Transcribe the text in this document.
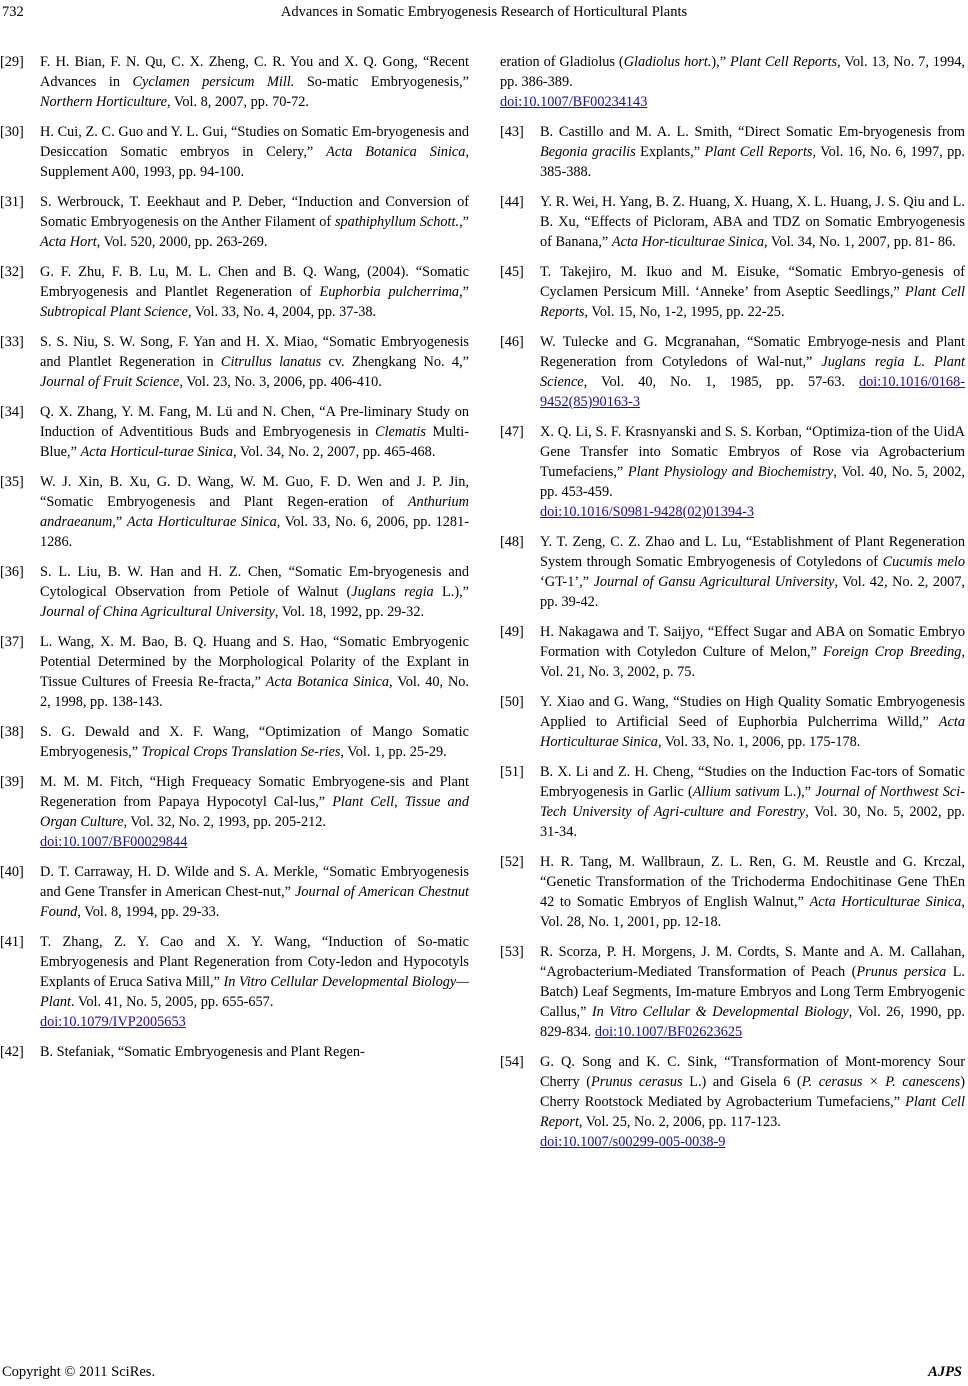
732	Advances in Somatic Embryogenesis Research of Horticultural Plants
[29]	F. H. Bian, F. N. Qu, C. X. Zheng, C. R. You and X. Q. Gong, “Recent Advances in Cyclamen persicum Mill. So-matic Embryogenesis,” Northern Horticulture, Vol. 8, 2007, pp. 70-72.
[30]	H. Cui, Z. C. Guo and Y. L. Gui, “Studies on Somatic Em-bryogenesis and Desiccation Somatic embryos in Celery,” Acta Botanica Sinica, Supplement A00, 1993, pp. 94-100.
[31]	S. Werbrouck, T. Eeekhaut and P. Deber, “Induction and Conversion of Somatic Embryogenesis on the Anther Filament of spathiphyllum Schott.,” Acta Hort, Vol. 520, 2000, pp. 263-269.
[32]	G. F. Zhu, F. B. Lu, M. L. Chen and B. Q. Wang, (2004). “Somatic Embryogenesis and Plantlet Regeneration of Euphorbia pulcherrima,” Subtropical Plant Science, Vol. 33, No. 4, 2004, pp. 37-38.
[33]	S. S. Niu, S. W. Song, F. Yan and H. X. Miao, “Somatic Embryogenesis and Plantlet Regeneration in Citrullus lanatus cv. Zhengkang No. 4,” Journal of Fruit Science, Vol. 23, No. 3, 2006, pp. 406-410.
[34]	Q. X. Zhang, Y. M. Fang, M. Lü and N. Chen, “A Pre-liminary Study on Induction of Adventitious Buds and Embryogenesis in Clematis Multi-Blue,” Acta Horticul-turae Sinica, Vol. 34, No. 2, 2007, pp. 465-468.
[35]	W. J. Xin, B. Xu, G. D. Wang, W. M. Guo, F. D. Wen and J. P. Jin, “Somatic Embryogenesis and Plant Regen-eration of Anthurium andraeanum,” Acta Horticulturae Sinica, Vol. 33, No. 6, 2006, pp. 1281-1286.
[36]	S. L. Liu, B. W. Han and H. Z. Chen, “Somatic Em-bryogenesis and Cytological Observation from Petiole of Walnut (Juglans regia L.),” Journal of China Agricultural University, Vol. 18, 1992, pp. 29-32.
[37]	L. Wang, X. M. Bao, B. Q. Huang and S. Hao, “Somatic Embryogenic Potential Determined by the Morphological Polarity of the Explant in Tissue Cultures of Freesia Re-fracta,” Acta Botanica Sinica, Vol. 40, No. 2, 1998, pp. 138-143.
[38]	S. G. Dewald and X. F. Wang, “Optimization of Mango Somatic Embryogenesis,” Tropical Crops Translation Se-ries, Vol. 1, pp. 25-29.
[39]	M. M. M. Fitch, “High Frequeacy Somatic Embryogene-sis and Plant Regeneration from Papaya Hypocotyl Cal-lus,” Plant Cell, Tissue and Organ Culture, Vol. 32, No. 2, 1993, pp. 205-212.
doi:10.1007/BF00029844
[40]	D. T. Carraway, H. D. Wilde and S. A. Merkle, “Somatic Embryogenesis and Gene Transfer in American Chest-nut,” Journal of American Chestnut Found, Vol. 8, 1994, pp. 29-33.
[41]	T. Zhang, Z. Y. Cao and X. Y. Wang, “Induction of So-matic Embryogenesis and Plant Regeneration from Coty-ledon and Hypocotyls Explants of Eruca Sativa Mill,” In Vitro Cellular Developmental Biology—Plant. Vol. 41, No. 5, 2005, pp. 655-657.
doi:10.1079/IVP2005653
[42]	B. Stefaniak, “Somatic Embryogenesis and Plant Regen-
eration of Gladiolus (Gladiolus hort.),” Plant Cell Reports, Vol. 13, No. 7, 1994, pp. 386-389.
doi:10.1007/BF00234143
[43]	B. Castillo and M. A. L. Smith, “Direct Somatic Em-bryogenesis from Begonia gracilis Explants,” Plant Cell Reports, Vol. 16, No. 6, 1997, pp. 385-388.
[44]	Y. R. Wei, H. Yang, B. Z. Huang, X. Huang, X. L. Huang, J. S. Qiu and L. B. Xu, “Effects of Picloram, ABA and TDZ on Somatic Embryogenesis of Banana,” Acta Hor-ticulturae Sinica, Vol. 34, No. 1, 2007, pp. 81- 86.
[45]	T. Takejiro, M. Ikuo and M. Eisuke, “Somatic Embryo-genesis of Cyclamen Persicum Mill. ‘Anneke’ from Aseptic Seedlings,” Plant Cell Reports, Vol. 15, No, 1-2, 1995, pp. 22-25.
[46]	W. Tulecke and G. Mcgranahan, “Somatic Embryoge-nesis and Plant Regeneration from Cotyledons of Wal-nut,” Juglans regia L. Plant Science, Vol. 40, No. 1, 1985, pp. 57-63. doi:10.1016/0168-9452(85)90163-3
[47]	X. Q. Li, S. F. Krasnyanski and S. S. Korban, “Optimiza-tion of the UidA Gene Transfer into Somatic Embryos of Rose via Agrobacterium Tumefaciens,” Plant Physiology and Biochemistry, Vol. 40, No. 5, 2002, pp. 453-459.
doi:10.1016/S0981-9428(02)01394-3
[48]	Y. T. Zeng, C. Z. Zhao and L. Lu, “Establishment of Plant Regeneration System through Somatic Embryogenesis of Cotyledons of Cucumis melo ‘GT-1’,” Journal of Gansu Agricultural University, Vol. 42, No. 2, 2007, pp. 39-42.
[49]	H. Nakagawa and T. Saijyo, “Effect Sugar and ABA on Somatic Embryo Formation with Cotyledon Culture of Melon,” Foreign Crop Breeding, Vol. 21, No. 3, 2002, p. 75.
[50]	Y. Xiao and G. Wang, “Studies on High Quality Somatic Embryogenesis Applied to Artificial Seed of Euphorbia Pulcherrima Willd,” Acta Horticulturae Sinica, Vol. 33, No. 1, 2006, pp. 175-178.
[51]	B. X. Li and Z. H. Cheng, “Studies on the Induction Fac-tors of Somatic Embryogenesis in Garlic (Allium sativum L.),” Journal of Northwest Sci-Tech University of Agri-culture and Forestry, Vol. 30, No. 5, 2002, pp. 31-34.
[52]	H. R. Tang, M. Wallbraun, Z. L. Ren, G. M. Reustle and G. Krczal, “Genetic Transformation of the Trichoderma Endochitinase Gene ThEn 42 to Somatic Embryos of English Walnut,” Acta Horticulturae Sinica, Vol. 28, No. 1, 2001, pp. 12-18.
[53]	R. Scorza, P. H. Morgens, J. M. Cordts, S. Mante and A. M. Callahan, “Agrobacterium-Mediated Transformation of Peach (Prunus persica L. Batch) Leaf Segments, Im-mature Embryos and Long Term Embryogenic Callus,” In Vitro Cellular & Developmental Biology, Vol. 26, 1990, pp. 829-834. doi:10.1007/BF02623625
[54]	G. Q. Song and K. C. Sink, “Transformation of Mont-morency Sour Cherry (Prunus cerasus L.) and Gisela 6 (P. cerasus × P. canescens) Cherry Rootstock Mediated by Agrobacterium Tumefaciens,” Plant Cell Report, Vol. 25, No. 2, 2006, pp. 117-123.
doi:10.1007/s00299-005-0038-9
Copyright © 2011 SciRes.	AJPS
